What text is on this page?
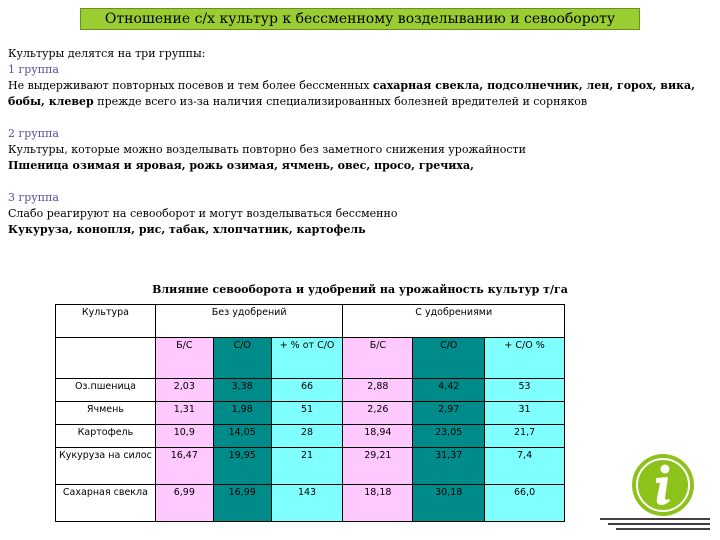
Отношение с/х культур к бессменному возделыванию и севообороту

Культуры делятся на три группы:

1 группа

Не выдерживают повторных посевов и тем более бессменных сахарная свекла, подсолнечник, лен, горох, вика,

бобы, клевер прежде всего из-за наличия специализированных болезней вредителей и сорняков

2 группа

Культуры, которые можно возделывать повторно без заметного снижения урожайности

Пшеница озимая и яровая, рожь озимая, ячмень, овес, просо, гречиха,

3 группа

Слабо реагируют на севооборот и могут возделываться бессменно

Кукуруза, конопля, рис, табак, хлопчатник, картофель

Влияние севооборота и удобрений на урожайность культур т/га
Культура	Без удобрений			С удобрениями		
	Б/С	С/О	+ % от С/О	Б/С	С/О	+ С/О %
Оз.пшеница	2,03	3,38	66	2,88	4,42	53
Ячмень	1,31	1,98	51	2,26	2,97	31
Картофель	10,9	14,05	28	18,94	23,05	21,7
Кукуруза на силос	16,47	19,95	21	29,21	31,37	7,4
Сахарная свекла	6,99	16,99	143	18,18	30,18	66,0
